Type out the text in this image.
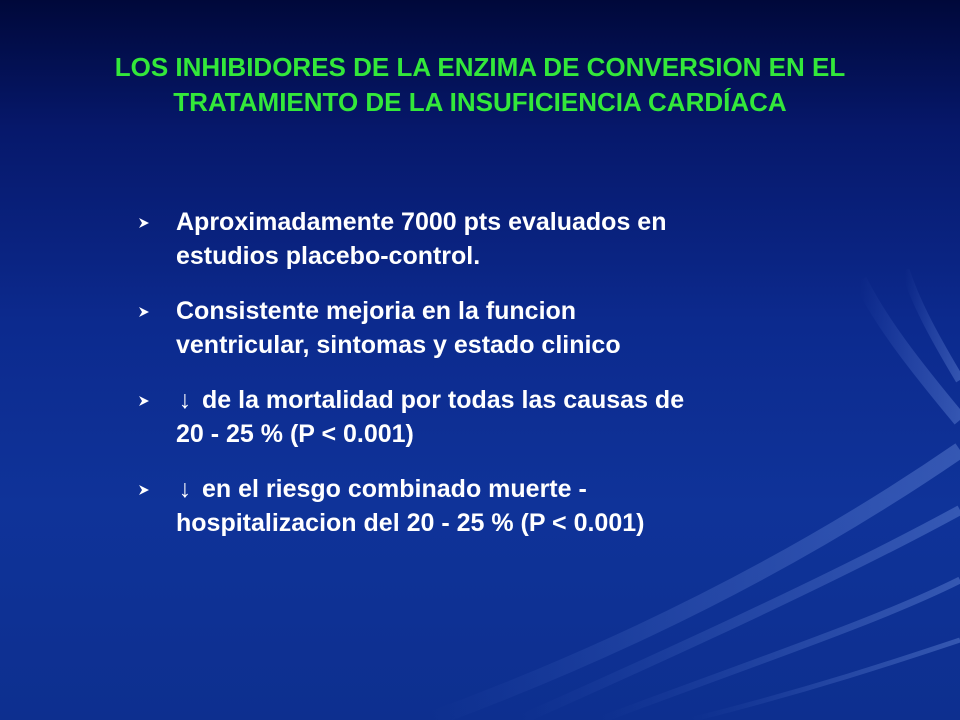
LOS INHIBIDORES DE LA ENZIMA DE CONVERSION EN EL
TRATAMIENTO DE LA INSUFICIENCIA CARDÍACA
Aproximadamente 7000 pts evaluados en
estudios placebo-control.
Consistente mejoria en la funcion
ventricular, sintomas y estado clinico
↓ de la mortalidad por todas las causas de
20 - 25 % (P < 0.001)
↓ en el riesgo combinado muerte -
hospitalizacion del 20 - 25 % (P < 0.001)
